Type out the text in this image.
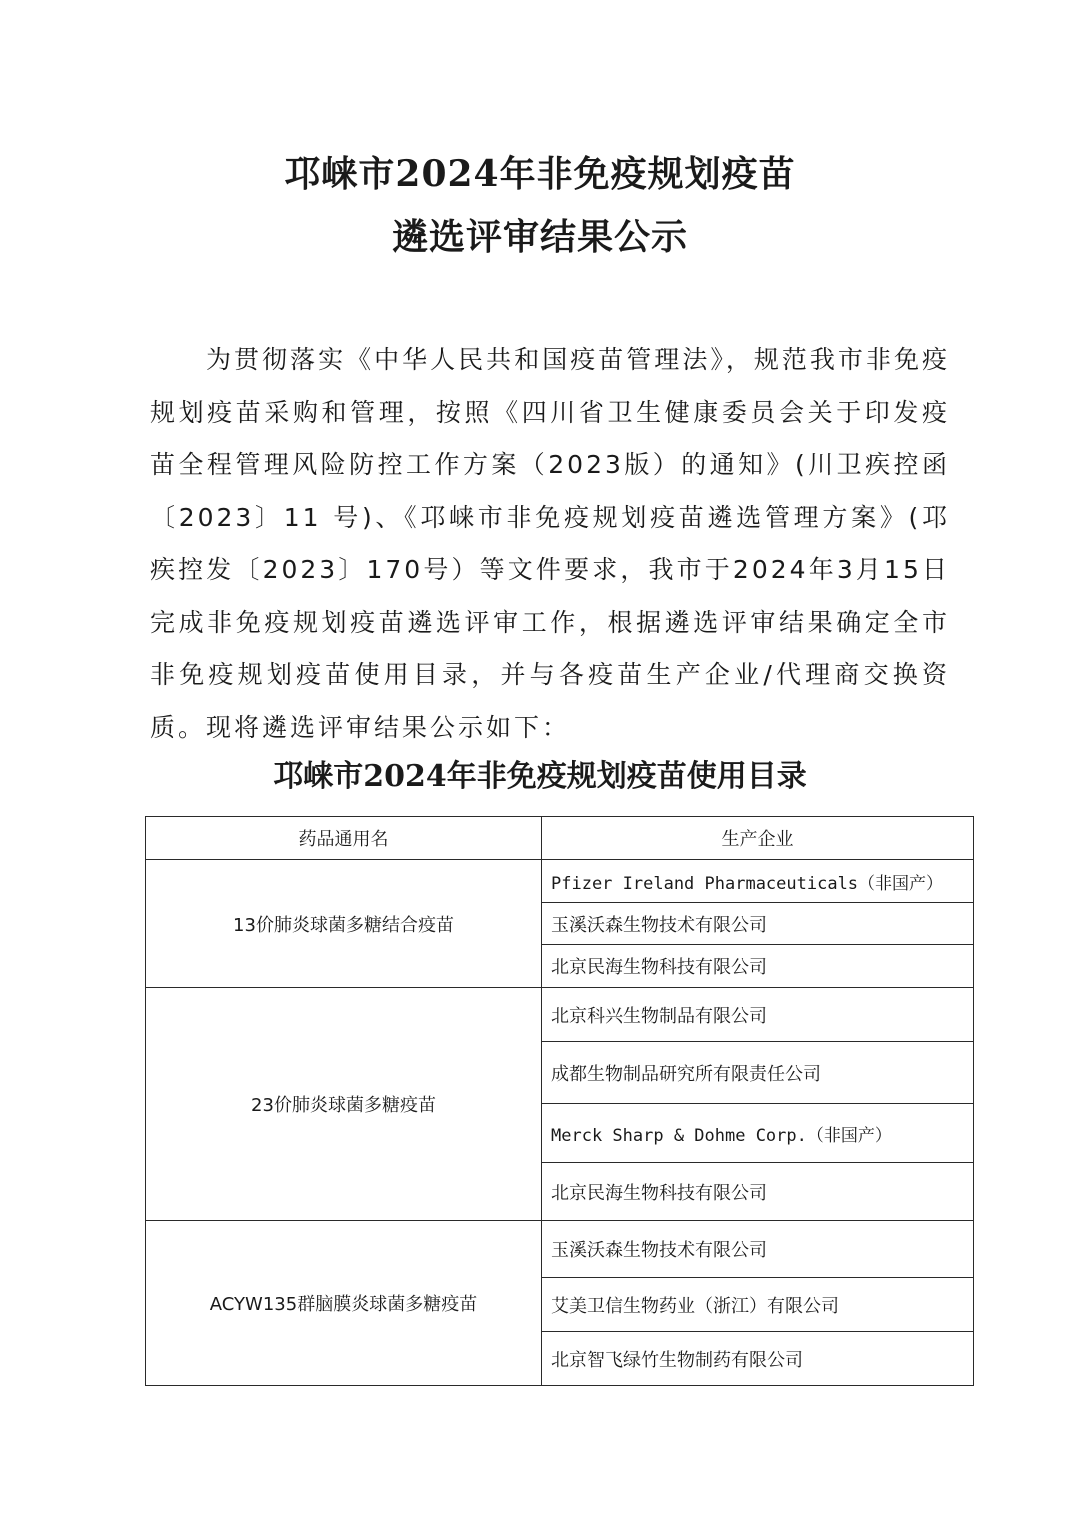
邛崃市2024年非免疫规划疫苗
遴选评审结果公示

为贯彻落实《中华人民共和国疫苗管理法》，规范我市非免疫规划疫苗采购和管理，按照《四川省卫生健康委员会关于印发疫苗全程管理风险防控工作方案（2023版）的通知》(川卫疾控函〔2023〕11 号)、《邛崃市非免疫规划疫苗遴选管理方案》(邛疾控发〔2023〕170号）等文件要求，我市于2024年3月15日完成非免疫规划疫苗遴选评审工作，根据遴选评审结果确定全市非免疫规划疫苗使用目录，并与各疫苗生产企业/代理商交换资质。现将遴选评审结果公示如下：

邛崃市2024年非免疫规划疫苗使用目录
药品通用名	生产企业
13价肺炎球菌多糖结合疫苗	Pfizer Ireland Pharmaceuticals（非国产）
	玉溪沃森生物技术有限公司
	北京民海生物科技有限公司
23价肺炎球菌多糖疫苗	北京科兴生物制品有限公司
	成都生物制品研究所有限责任公司
	Merck Sharp & Dohme Corp.（非国产）
	北京民海生物科技有限公司
ACYW135群脑膜炎球菌多糖疫苗	玉溪沃森生物技术有限公司
	艾美卫信生物药业（浙江）有限公司
	北京智飞绿竹生物制药有限公司
